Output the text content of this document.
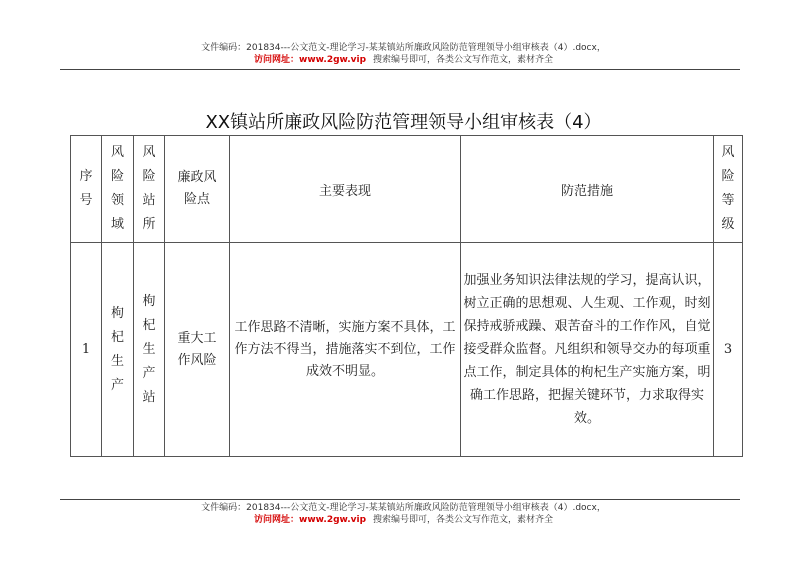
文件编码：201834---公文范文-理论学习-某某镇站所廉政风险防范管理领导小组审核表（4）.docx，
访问网址：www.2gw.vip 搜索编号即可，各类公文写作范文，素材齐全
XX镇站所廉政风险防范管理领导小组审核表（4）
序号	风险领域	风险站所	廉政风险点	主要表现	防范措施	风险等级
1	枸杞生产	枸杞生产站	重大工作风险	工作思路不清晰，实施方案不具体，工作方法不得当，措施落实不到位，工作成效不明显。	加强业务知识法律法规的学习，提高认识，树立正确的思想观、人生观、工作观，时刻保持戒骄戒躁、艰苦奋斗的工作作风，自觉接受群众监督。凡组织和领导交办的每项重点工作，制定具体的枸杞生产实施方案，明确工作思路，把握关键环节，力求取得实效。	3
文件编码：201834---公文范文-理论学习-某某镇站所廉政风险防范管理领导小组审核表（4）.docx，
访问网址：www.2gw.vip 搜索编号即可，各类公文写作范文，素材齐全
